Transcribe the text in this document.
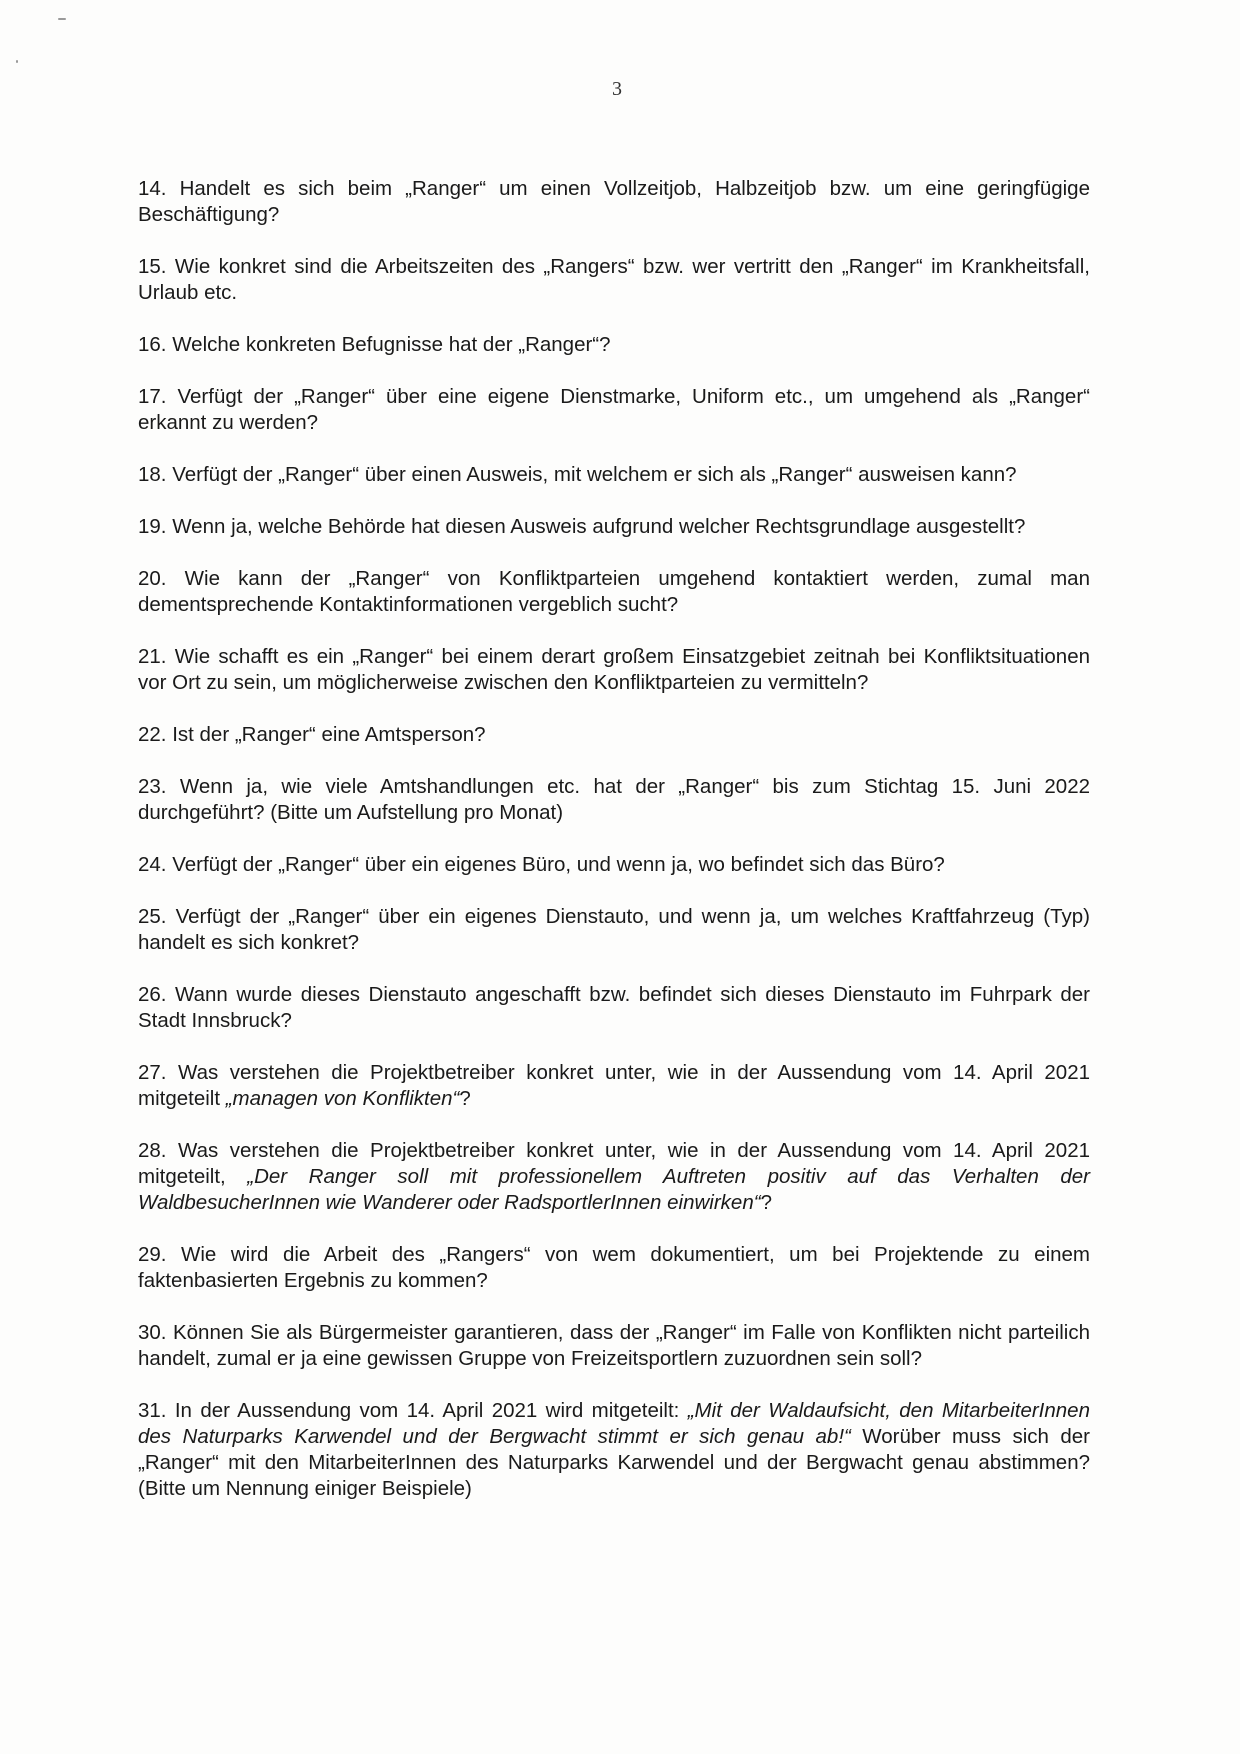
3

14. Handelt es sich beim „Ranger“ um einen Vollzeitjob, Halbzeitjob bzw. um eine geringfügige Beschäftigung?

15. Wie konkret sind die Arbeitszeiten des „Rangers“ bzw. wer vertritt den „Ranger“ im Krankheitsfall, Urlaub etc.

16. Welche konkreten Befugnisse hat der „Ranger“?

17. Verfügt der „Ranger“ über eine eigene Dienstmarke, Uniform etc., um umgehend als „Ranger“ erkannt zu werden?

18. Verfügt der „Ranger“ über einen Ausweis, mit welchem er sich als „Ranger“ ausweisen kann?

19. Wenn ja, welche Behörde hat diesen Ausweis aufgrund welcher Rechtsgrundlage ausgestellt?

20. Wie kann der „Ranger“ von Konfliktparteien umgehend kontaktiert werden, zumal man dementsprechende Kontaktinformationen vergeblich sucht?

21. Wie schafft es ein „Ranger“ bei einem derart großem Einsatzgebiet zeitnah bei Konfliktsituationen vor Ort zu sein, um möglicherweise zwischen den Konfliktparteien zu vermitteln?

22. Ist der „Ranger“ eine Amtsperson?

23. Wenn ja, wie viele Amtshandlungen etc. hat der „Ranger“ bis zum Stichtag 15. Juni 2022 durchgeführt? (Bitte um Aufstellung pro Monat)

24. Verfügt der „Ranger“ über ein eigenes Büro, und wenn ja, wo befindet sich das Büro?

25. Verfügt der „Ranger“ über ein eigenes Dienstauto, und wenn ja, um welches Kraftfahrzeug (Typ) handelt es sich konkret?

26. Wann wurde dieses Dienstauto angeschafft bzw. befindet sich dieses Dienstauto im Fuhrpark der Stadt Innsbruck?

27. Was verstehen die Projektbetreiber konkret unter, wie in der Aussendung vom 14. April 2021 mitgeteilt „managen von Konflikten“?

28. Was verstehen die Projektbetreiber konkret unter, wie in der Aussendung vom 14. April 2021 mitgeteilt, „Der Ranger soll mit professionellem Auftreten positiv auf das Verhalten der WaldbesucherInnen wie Wanderer oder RadsportlerInnen einwirken“?

29. Wie wird die Arbeit des „Rangers“ von wem dokumentiert, um bei Projektende zu einem faktenbasierten Ergebnis zu kommen?

30. Können Sie als Bürgermeister garantieren, dass der „Ranger“ im Falle von Konflikten nicht parteilich handelt, zumal er ja eine gewissen Gruppe von Freizeitsportlern zuzuordnen sein soll?

31. In der Aussendung vom 14. April 2021 wird mitgeteilt: „Mit der Waldaufsicht, den MitarbeiterInnen des Naturparks Karwendel und der Bergwacht stimmt er sich genau ab!“ Worüber muss sich der „Ranger“ mit den MitarbeiterInnen des Naturparks Karwendel und der Bergwacht genau abstimmen? (Bitte um Nennung einiger Beispiele)
